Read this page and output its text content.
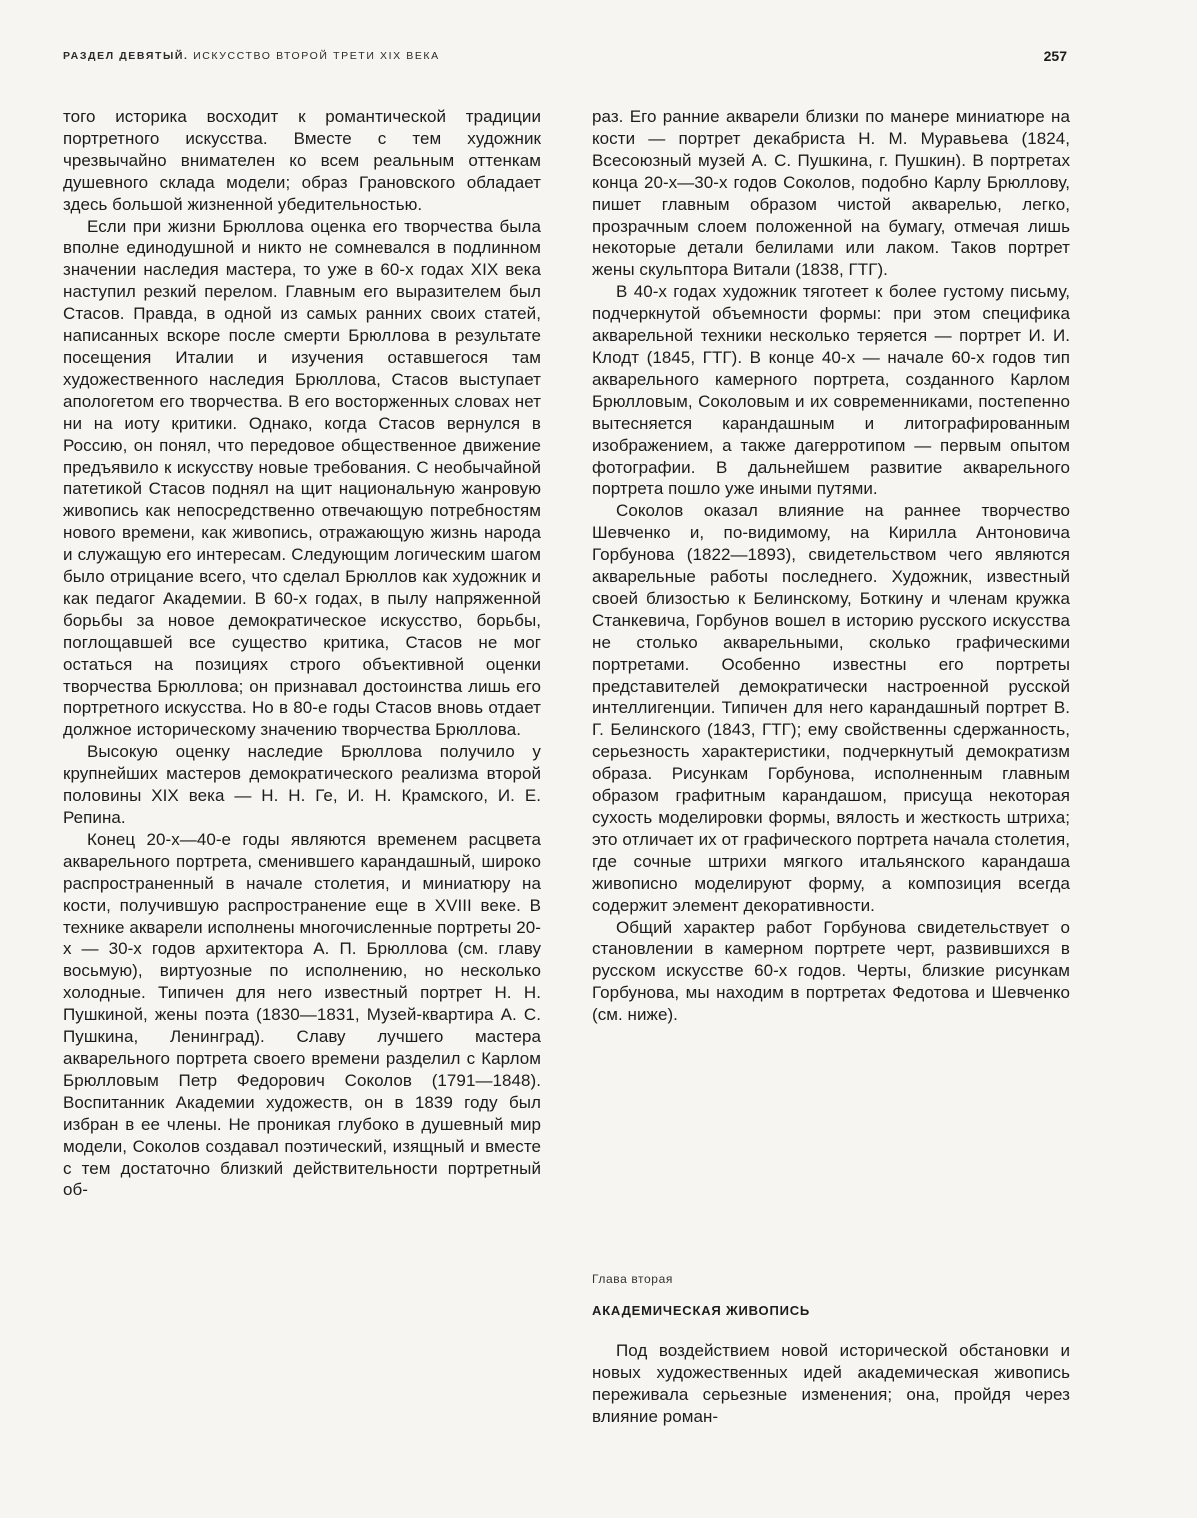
РАЗДЕЛ ДЕВЯТЫЙ. ИСКУССТВО ВТОРОЙ ТРЕТИ XIX ВЕКА	257

того историка восходит к романтической традиции портретного искусства. Вместе с тем художник чрезвычайно внимателен ко всем реальным оттенкам душевного склада модели; образ Грановского обладает здесь большой жизненной убедительностью.

Если при жизни Брюллова оценка его творчества была вполне единодушной и никто не сомневался в подлинном значении наследия мастера, то уже в 60-х годах XIX века наступил резкий перелом. Главным его выразителем был Стасов. Правда, в одной из самых ранних своих статей, написанных вскоре после смерти Брюллова в результате посещения Италии и изучения оставшегося там художественного наследия Брюллова, Стасов выступает апологетом его творчества. В его восторженных словах нет ни на иоту критики. Однако, когда Стасов вернулся в Россию, он понял, что передовое общественное движение предъявило к искусству новые требования. С необычайной патетикой Стасов поднял на щит национальную жанровую живопись как непосредственно отвечающую потребностям нового времени, как живопись, отражающую жизнь народа и служащую его интересам. Следующим логическим шагом было отрицание всего, что сделал Брюллов как художник и как педагог Академии. В 60-х годах, в пылу напряженной борьбы за новое демократическое искусство, борьбы, поглощавшей все существо критика, Стасов не мог остаться на позициях строго объективной оценки творчества Брюллова; он признавал достоинства лишь его портретного искусства. Но в 80-е годы Стасов вновь отдает должное историческому значению творчества Брюллова.

Высокую оценку наследие Брюллова получило у крупнейших мастеров демократического реализма второй половины XIX века — Н. Н. Ге, И. Н. Крамского, И. Е. Репина.

Конец 20-х—40-е годы являются временем расцвета акварельного портрета, сменившего карандашный, широко распространенный в начале столетия, и миниатюру на кости, получившую распространение еще в XVIII веке. В технике акварели исполнены многочисленные портреты 20-х — 30-х годов архитектора А. П. Брюллова (см. главу восьмую), виртуозные по исполнению, но несколько холодные. Типичен для него известный портрет Н. Н. Пушкиной, жены поэта (1830—1831, Музей-квартира А. С. Пушкина, Ленинград). Славу лучшего мастера акварельного портрета своего времени разделил с Карлом Брюлловым Петр Федорович Соколов (1791—1848). Воспитанник Академии художеств, он в 1839 году был избран в ее члены. Не проникая глубоко в душевный мир модели, Соколов создавал поэтический, изящный и вместе с тем достаточно близкий действительности портретный об-

раз. Его ранние акварели близки по манере миниатюре на кости — портрет декабриста Н. М. Муравьева (1824, Всесоюзный музей А. С. Пушкина, г. Пушкин). В портретах конца 20-х—30-х годов Соколов, подобно Карлу Брюллову, пишет главным образом чистой акварелью, легко, прозрачным слоем положенной на бумагу, отмечая лишь некоторые детали белилами или лаком. Таков портрет жены скульптора Витали (1838, ГТГ).

В 40-х годах художник тяготеет к более густому письму, подчеркнутой объемности формы: при этом специфика акварельной техники несколько теряется — портрет И. И. Клодт (1845, ГТГ). В конце 40-х — начале 60-х годов тип акварельного камерного портрета, созданного Карлом Брюлловым, Соколовым и их современниками, постепенно вытесняется карандашным и литографированным изображением, а также дагерротипом — первым опытом фотографии. В дальнейшем развитие акварельного портрета пошло уже иными путями.

Соколов оказал влияние на раннее творчество Шевченко и, по-видимому, на Кирилла Антоновича Горбунова (1822—1893), свидетельством чего являются акварельные работы последнего. Художник, известный своей близостью к Белинскому, Боткину и членам кружка Станкевича, Горбунов вошел в историю русского искусства не столько акварельными, сколько графическими портретами. Особенно известны его портреты представителей демократически настроенной русской интеллигенции. Типичен для него карандашный портрет В. Г. Белинского (1843, ГТГ); ему свойственны сдержанность, серьезность характеристики, подчеркнутый демократизм образа. Рисункам Горбунова, исполненным главным образом графитным карандашом, присуща некоторая сухость моделировки формы, вялость и жесткость штриха; это отличает их от графического портрета начала столетия, где сочные штрихи мягкого итальянского карандаша живописно моделируют форму, а композиция всегда содержит элемент декоративности.

Общий характер работ Горбунова свидетельствует о становлении в камерном портрете черт, развившихся в русском искусстве 60-х годов. Черты, близкие рисункам Горбунова, мы находим в портретах Федотова и Шевченко (см. ниже).

Глава вторая
АКАДЕМИЧЕСКАЯ ЖИВОПИСЬ

Под воздействием новой исторической обстановки и новых художественных идей академическая живопись переживала серьезные изменения; она, пройдя через влияние роман-
